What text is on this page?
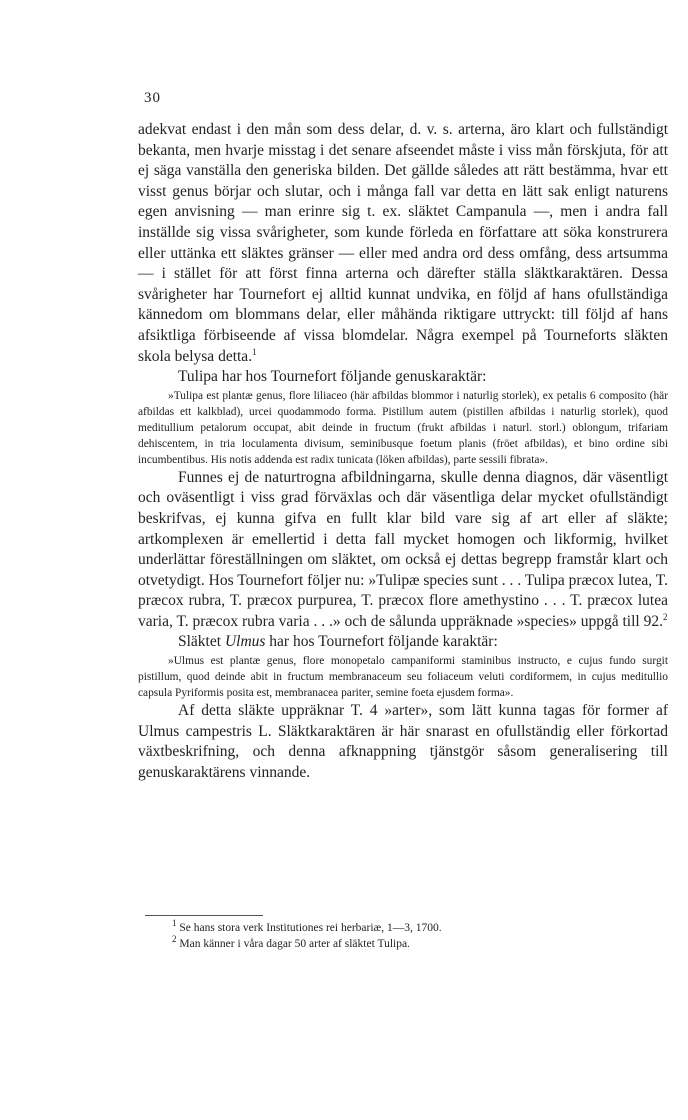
30

adekvat endast i den mån som dess delar, d. v. s. arterna, äro klart och fullständigt bekanta, men hvarje misstag i det senare afseendet måste i viss mån förskjuta, för att ej säga vanställa den generiska bilden. Det gällde således att rätt bestämma, hvar ett visst genus börjar och slutar, och i många fall var detta en lätt sak enligt naturens egen anvisning — man erinre sig t. ex. släktet Campanula —, men i andra fall inställde sig vissa svårigheter, som kunde förleda en författare att söka konstrurera eller uttänka ett släktes gränser — eller med andra ord dess omfång, dess artsumma — i stället för att först finna arterna och därefter ställa släktkaraktären. Dessa svårigheter har Tournefort ej alltid kunnat undvika, en följd af hans ofullständiga kännedom om blommans delar, eller måhända riktigare uttryckt: till följd af hans afsiktliga förbiseende af vissa blomdelar. Några exempel på Tourneforts släkten skola belysa detta.$^1$

Tulipa har hos Tournefort följande genuskaraktär:

»Tulipa est plantæ genus, flore liliaceo (här afbildas blommor i naturlig storlek), ex petalis 6 composito (här afbildas ett kalkblad), urcei quodammodo forma. Pistillum autem (pistillen afbildas i naturlig storlek), quod meditullium petalorum occupat, abit deinde in fructum (frukt afbildas i naturl. storl.) oblongum, trifariam dehiscentem, in tria loculamenta divisum, seminibusque foetum planis (fröet afbildas), et bino ordine sibi incumbentibus. His notis addenda est radix tunicata (löken afbildas), parte sessili fibrata».

Funnes ej de naturtrogna afbildningarna, skulle denna diagnos, där väsentligt och oväsentligt i viss grad förväxlas och där väsentliga delar mycket ofullständigt beskrifvas, ej kunna gifva en fullt klar bild vare sig af art eller af släkte; artkomplexen är emellertid i detta fall mycket homogen och likformig, hvilket underlättar föreställningen om släktet, om också ej dettas begrepp framstår klart och otvetydigt. Hos Tournefort följer nu: »Tulipæ species sunt . . . Tulipa præcox lutea, T. præcox rubra, T. præcox purpurea, T. præcox flore amethystino . . . T. præcox lutea varia, T. præcox rubra varia . . .» och de sålunda uppräknade »species» uppgå till 92.$^2$

Släktet Ulmus har hos Tournefort följande karaktär:

»Ulmus est plantæ genus, flore monopetalo campaniformi staminibus instructo, e cujus fundo surgit pistillum, quod deinde abit in fructum membranaceum seu foliaceum veluti cordiformem, in cujus meditullio capsula Pyriformis posita est, membranacea pariter, semine foeta ejusdem forma».

Af detta släkte uppräknar T. 4 »arter», som lätt kunna tagas för former af Ulmus campestris L. Släktkaraktären är här snarast en ofullständig eller förkortad växtbeskrifning, och denna afknappning tjänstgör såsom generalisering till genuskaraktärens vinnande.

$^1$ Se hans stora verk Institutiones rei herbariæ, 1—3, 1700.

$^2$ Man känner i våra dagar 50 arter af släktet Tulipa.
